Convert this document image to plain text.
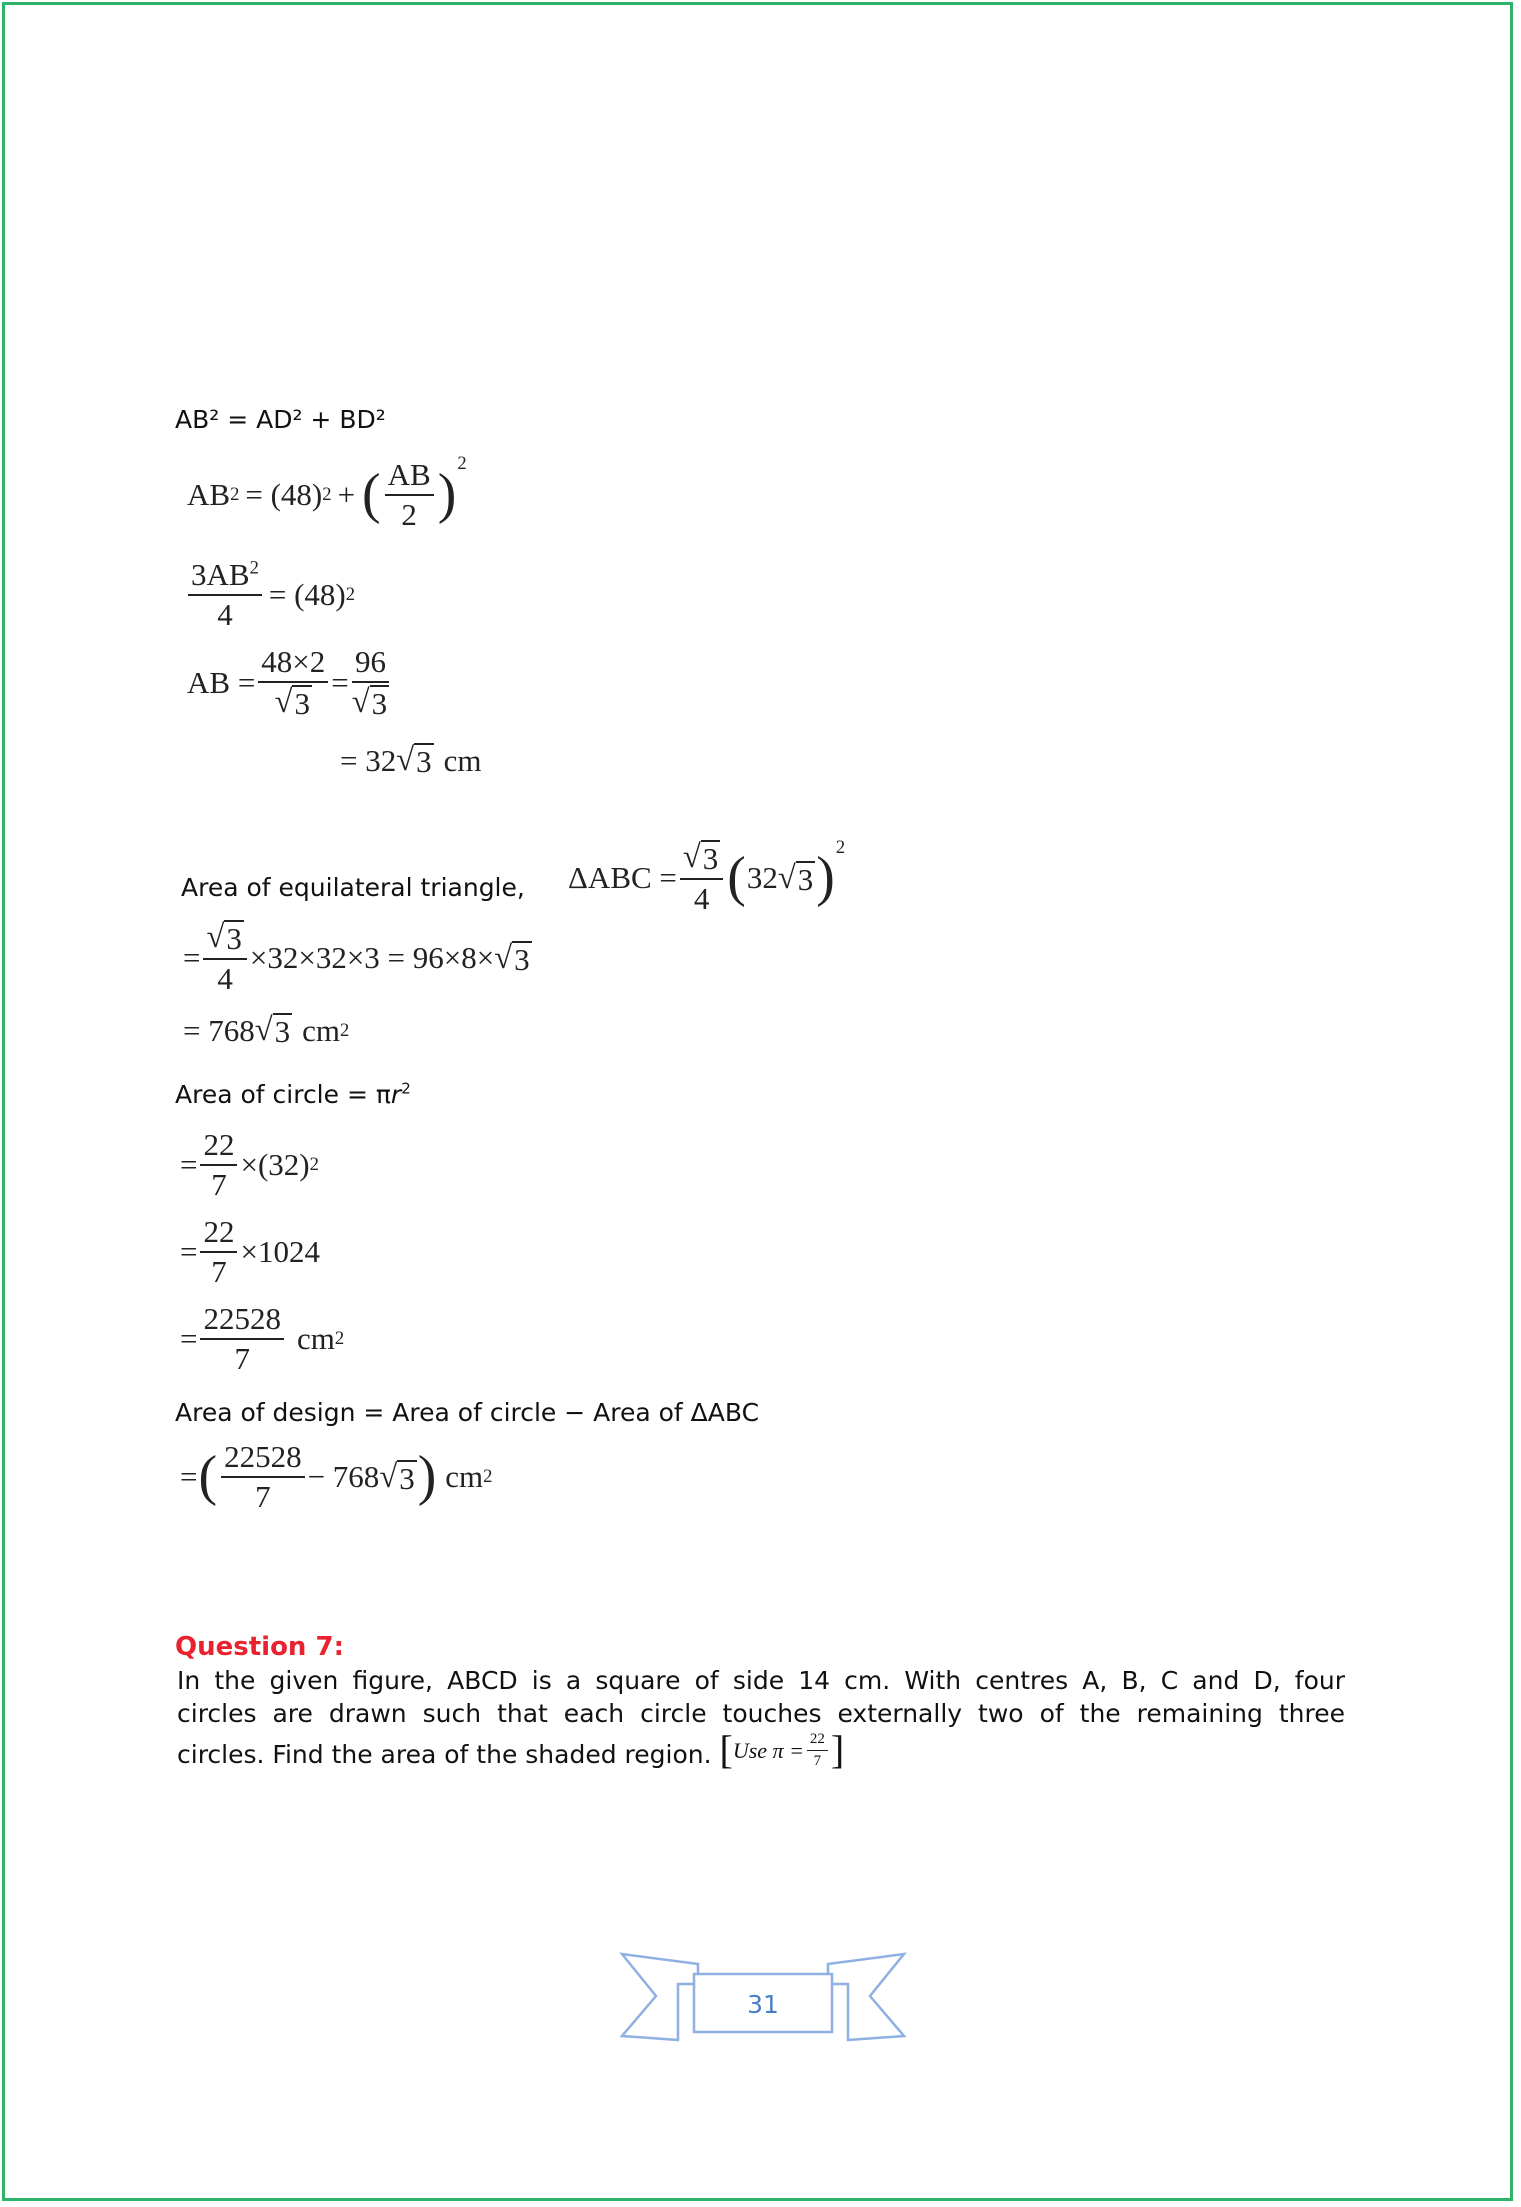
AB² = AD² + BD²
AB 2 = (48) 2 + ( $\frac{AB}{2}$ ) 2
$\frac{3AB^2}{4} = (48)$ 2
AB = $\frac{48\times 2}{√ 3} = \frac{96}{√ 3}$
= 32 √ 3 cm
Area of equilateral triangle, $\Delta ABC = \frac{√ 3}{4}$ ( 32 √ 3 ) 2
= $\frac{√ 3}{4} \times 32\times 32\times 3 = 96\times 8\times$ √ 3
= 768 √ 3 cm 2
Area of circle = $\pi r^2$
= $\frac{22}{7} \times(32)$ 2
= $\frac{22}{7} \times 1024$
= $\frac{22528}{7}$ cm 2
Area of design = Area of circle − Area of ΔABC
= ( $\frac{22528}{7} - 768$ √ 3 ) cm 2
Question 7:
In the given figure, ABCD is a square of side 14 cm. With centres A, B, C and D, four
circles are drawn such that each circle touches externally two of the remaining three
circles. Find the area of the shaded region. [ Use $\pi = \frac{22}{7}$ ]
31
